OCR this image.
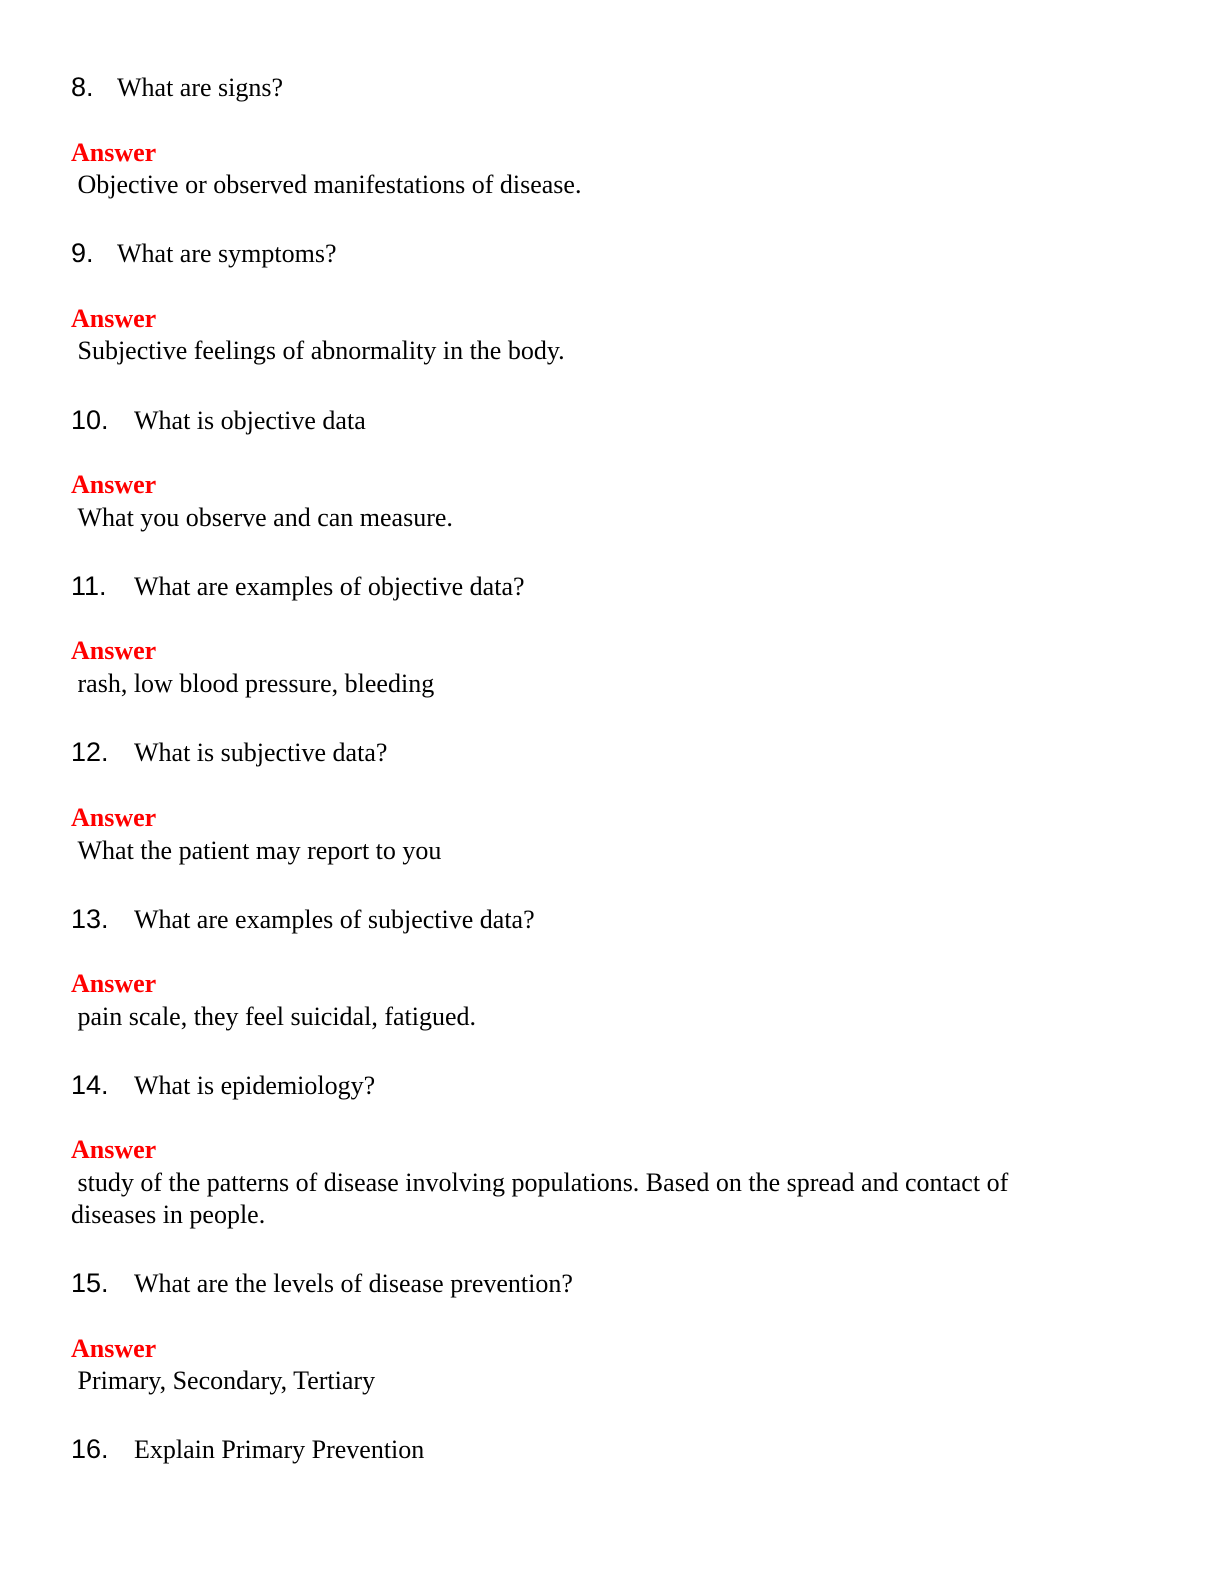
8. What are signs?
Answer
Objective or observed manifestations of disease.
9. What are symptoms?
Answer
Subjective feelings of abnormality in the body.
10. What is objective data
Answer
What you observe and can measure.
11.	What are examples of objective data?
Answer
rash, low blood pressure, bleeding
12. What is subjective data?
Answer
What the patient may report to you
13. What are examples of subjective data?
Answer
pain scale, they feel suicidal, fatigued.
14. What is epidemiology?
Answer
study of the patterns of disease involving populations. Based on the spread and contact of
diseases in people.
15. What are the levels of disease prevention?
Answer
Primary, Secondary, Tertiary
16. Explain Primary Prevention
